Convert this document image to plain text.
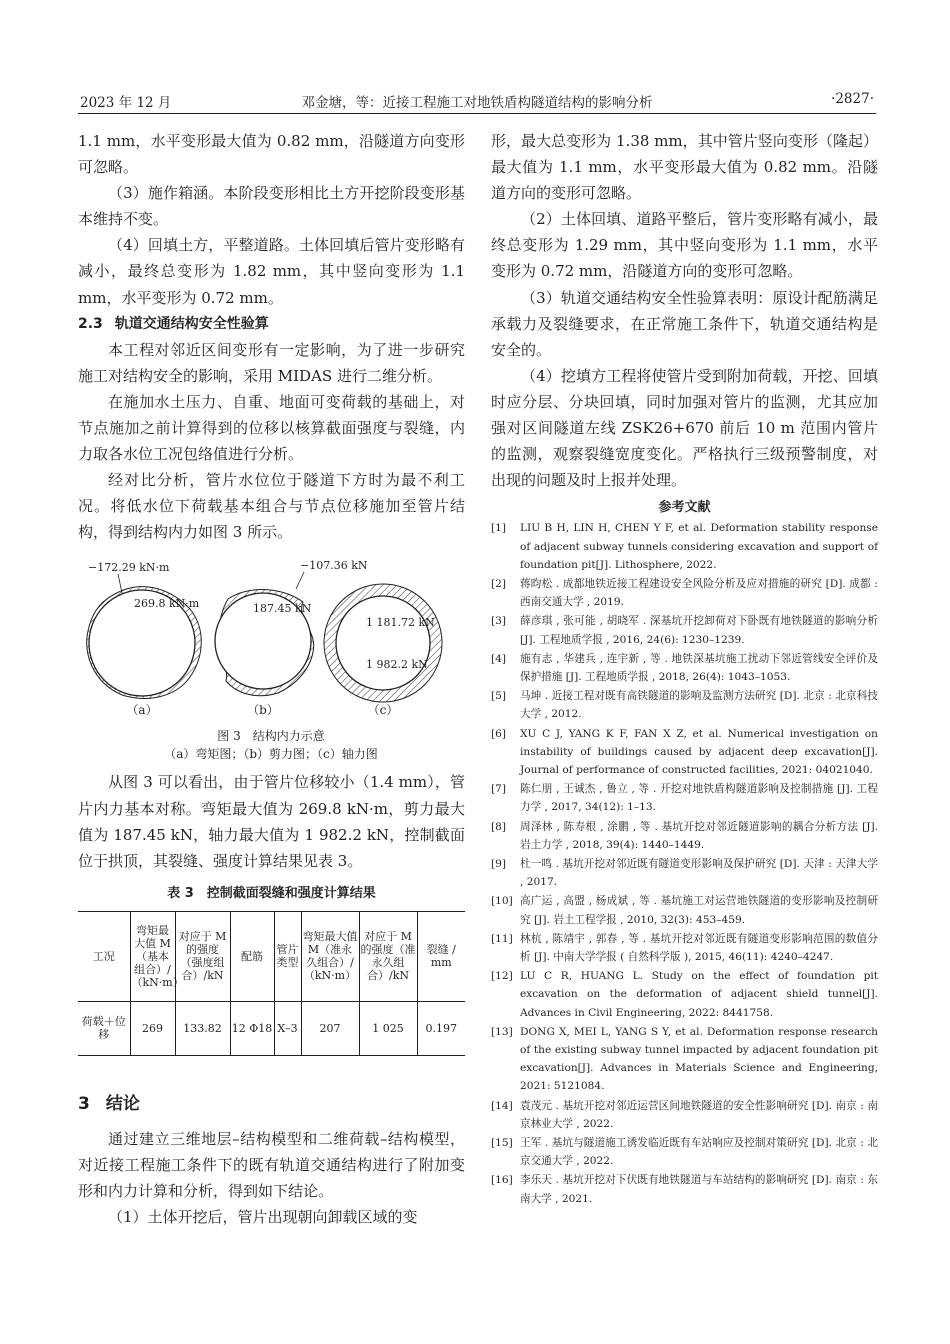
2023 年 12 月	邓金塘，等：近接工程施工对地铁盾构隧道结构的影响分析	·2827·

1.1 mm，水平变形最大值为 0.82 mm，沿隧道方向变形可忽略。

（3）施作箱涵。本阶段变形相比土方开挖阶段变形基本维持不变。

（4）回填土方，平整道路。土体回填后管片变形略有减小，最终总变形为 1.82 mm，其中竖向变形为 1.1 mm，水平变形为 0.72 mm。

2.3 轨道交通结构安全性验算

本工程对邻近区间变形有一定影响，为了进一步研究施工对结构安全的影响，采用 MIDAS 进行二维分析。

在施加水土压力、自重、地面可变荷载的基础上，对节点施加之前计算得到的位移以核算截面强度与裂缝，内力取各水位工况包络值进行分析。

经对比分析，管片水位位于隧道下方时为最不利工况。将低水位下荷载基本组合与节点位移施加至管片结构，得到结构内力如图 3 所示。

−172.29 kN·m
269.8 kN·m
（a）
−107.36 kN
187.45 kN
（b）
1 181.72 kN
1 982.2 kN
（c）
图 3　结构内力示意
（a）弯矩图；（b）剪力图；（c）轴力图

从图 3 可以看出，由于管片位移较小（1.4 mm），管片内力基本对称。弯矩最大值为 269.8 kN·m，剪力最大值为 187.45 kN，轴力最大值为 1 982.2 kN，控制截面位于拱顶，其裂缝、强度计算结果见表 3。

表 3　控制截面裂缝和强度计算结果
工况	弯矩最大值 M（基本组合）/（kN·m）	对应于 M 的强度（强度组合）/kN	配筋	管片类型	弯矩最大值 M（准永久组合）/（kN·m）	对应于 M 的强度（准永久组合）/kN	裂缝 / mm
荷载＋位移	269	133.82	12 Φ18	X–3	207	1 025	0.197
3 结论

通过建立三维地层–结构模型和二维荷载–结构模型，对近接工程施工条件下的既有轨道交通结构进行了附加变形和内力计算和分析，得到如下结论。

（1）土体开挖后，管片出现朝向卸载区域的变

形，最大总变形为 1.38 mm，其中管片竖向变形（隆起）最大值为 1.1 mm，水平变形最大值为 0.82 mm。沿隧道方向的变形可忽略。

（2）土体回填、道路平整后，管片变形略有减小，最终总变形为 1.29 mm，其中竖向变形为 1.1 mm，水平变形为 0.72 mm，沿隧道方向的变形可忽略。

（3）轨道交通结构安全性验算表明：原设计配筋满足承载力及裂缝要求，在正常施工条件下，轨道交通结构是安全的。

（4）挖填方工程将使管片受到附加荷载，开挖、回填时应分层、分块回填，同时加强对管片的监测，尤其应加强对区间隧道左线 ZSK26+670 前后 10 m 范围内管片的监测，观察裂缝宽度变化。严格执行三级预警制度，对出现的问题及时上报并处理。

参考文献
[1] LIU B H, LIN H, CHEN Y F, et al. Deformation stability response of adjacent subway tunnels considering excavation and support of foundation pit[J]. Lithosphere, 2022.
[2] 蒋昀松 . 成都地铁近接工程建设安全风险分析及应对措施的研究 [D]. 成都 : 西南交通大学 , 2019.
[3] 薛彦琪 , 张可能 , 胡晓军 . 深基坑开挖卸荷对下卧既有地铁隧道的影响分析 [J]. 工程地质学报 , 2016, 24(6): 1230–1239.
[4] 施有志 , 华建兵 , 连宇新 , 等 . 地铁深基坑施工扰动下邻近管线安全评价及保护措施 [J]. 工程地质学报 , 2018, 26(4): 1043–1053.
[5] 马坤 . 近接工程对既有高铁隧道的影响及监测方法研究 [D]. 北京 : 北京科技大学 , 2012.
[6] XU C J, YANG K F, FAN X Z, et al. Numerical investigation on instability of buildings caused by adjacent deep excavation[J]. Journal of performance of constructed facilities, 2021: 04021040.
[7] 陈仁朋 , 王诚杰 , 鲁立 , 等 . 开挖对地铁盾构隧道影响及控制措施 [J]. 工程力学 , 2017, 34(12): 1–13.
[8] 周泽林 , 陈寿根 , 涂鹏 , 等 . 基坑开挖对邻近隧道影响的耦合分析方法 [J]. 岩土力学 , 2018, 39(4): 1440–1449.
[9] 杜一鸣 . 基坑开挖对邻近既有隧道变形影响及保护研究 [D]. 天津 : 天津大学 , 2017.
[10] 高广运 , 高盟 , 杨成斌 , 等 . 基坑施工对运营地铁隧道的变形影响及控制研究 [J]. 岩土工程学报 , 2010, 32(3): 453–459.
[11] 林杭 , 陈靖宇 , 郭春 , 等 . 基坑开挖对邻近既有隧道变形影响范围的数值分析 [J]. 中南大学学报 ( 自然科学版 ), 2015, 46(11): 4240–4247.
[12] LU C R, HUANG L. Study on the effect of foundation pit excavation on the deformation of adjacent shield tunnel[J]. Advances in Civil Engineering, 2022: 8441758.
[13] DONG X, MEI L, YANG S Y, et al. Deformation response research of the existing subway tunnel impacted by adjacent foundation pit excavation[J]. Advances in Materials Science and Engineering, 2021: 5121084.
[14] 袁茂元 . 基坑开挖对邻近运营区间地铁隧道的安全性影响研究 [D]. 南京 : 南京林业大学 , 2022.
[15] 王军 . 基坑与隧道施工诱发临近既有车站响应及控制对策研究 [D]. 北京 : 北京交通大学 , 2022.
[16] 李乐天 . 基坑开挖对下伏既有地铁隧道与车站结构的影响研究 [D]. 南京 : 东南大学 , 2021.
